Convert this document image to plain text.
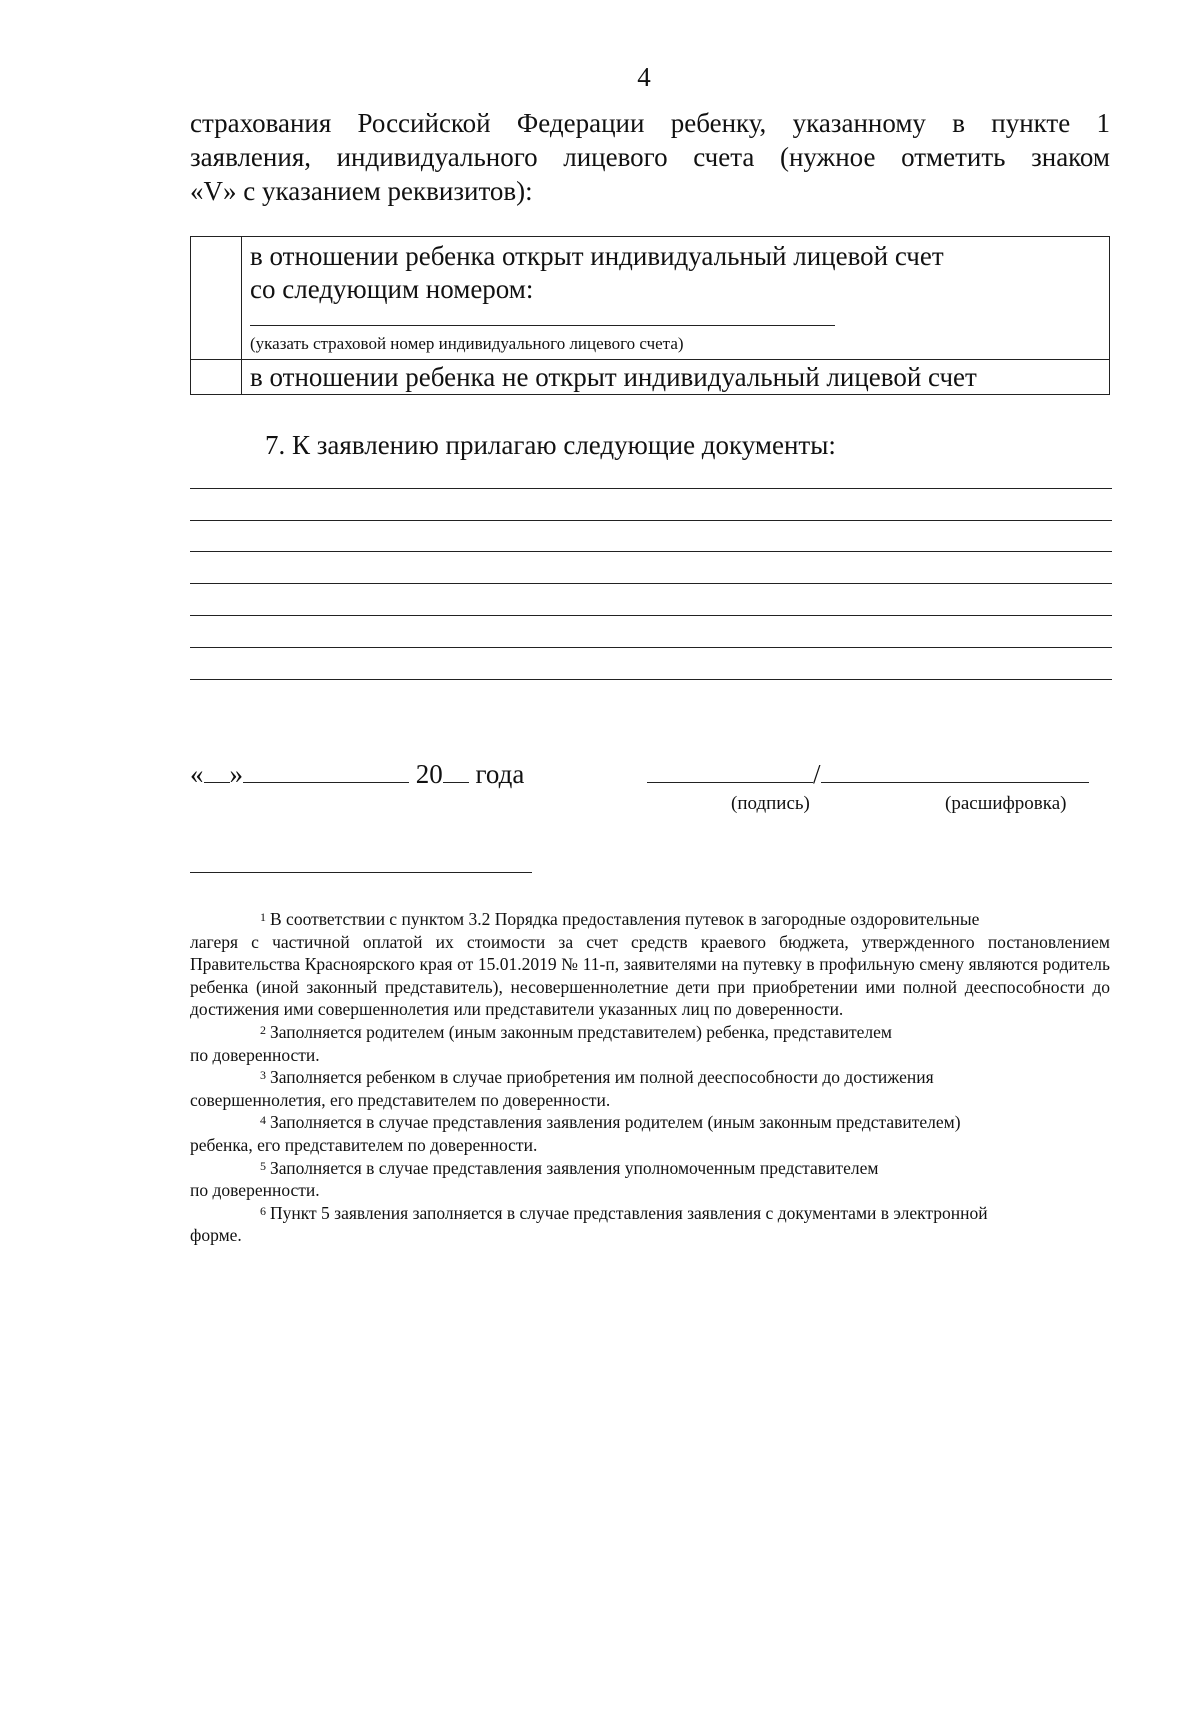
4
страхования Российской Федерации ребенку, указанному в пункте 1
заявления, индивидуального лицевого счета (нужное отметить знаком
«V» с указанием реквизитов):

	в отношении ребенка открыт индивидуальный лицевой счет
со следующим номером:
(указать страховой номер индивидуального лицевого счета)

	в отношении ребенка не открыт индивидуальный лицевой счет
7. К заявлению прилагаю следующие документы:
« »	20 года	/
(подпись)	(расшифровка)
$^1$ В соответствии с пунктом 3.2 Порядка предоставления путевок в загородные оздоровительные
лагеря с частичной оплатой их стоимости за счет средств краевого бюджета, утвержденного постановлением Правительства Красноярского края от 15.01.2019 № 11-п, заявителями на путевку в профильную смену являются родитель ребенка (иной законный представитель), несовершеннолетние дети при приобретении ими полной дееспособности до достижения ими совершеннолетия или представители указанных лиц по доверенности.
$^2$ Заполняется родителем (иным законным представителем) ребенка, представителем
по доверенности.
$^3$ Заполняется ребенком в случае приобретения им полной дееспособности до достижения
совершеннолетия, его представителем по доверенности.
$^4$ Заполняется в случае представления заявления родителем (иным законным представителем)
ребенка, его представителем по доверенности.
$^5$ Заполняется в случае представления заявления уполномоченным представителем
по доверенности.
$^6$ Пункт 5 заявления заполняется в случае представления заявления с документами в электронной
форме.
